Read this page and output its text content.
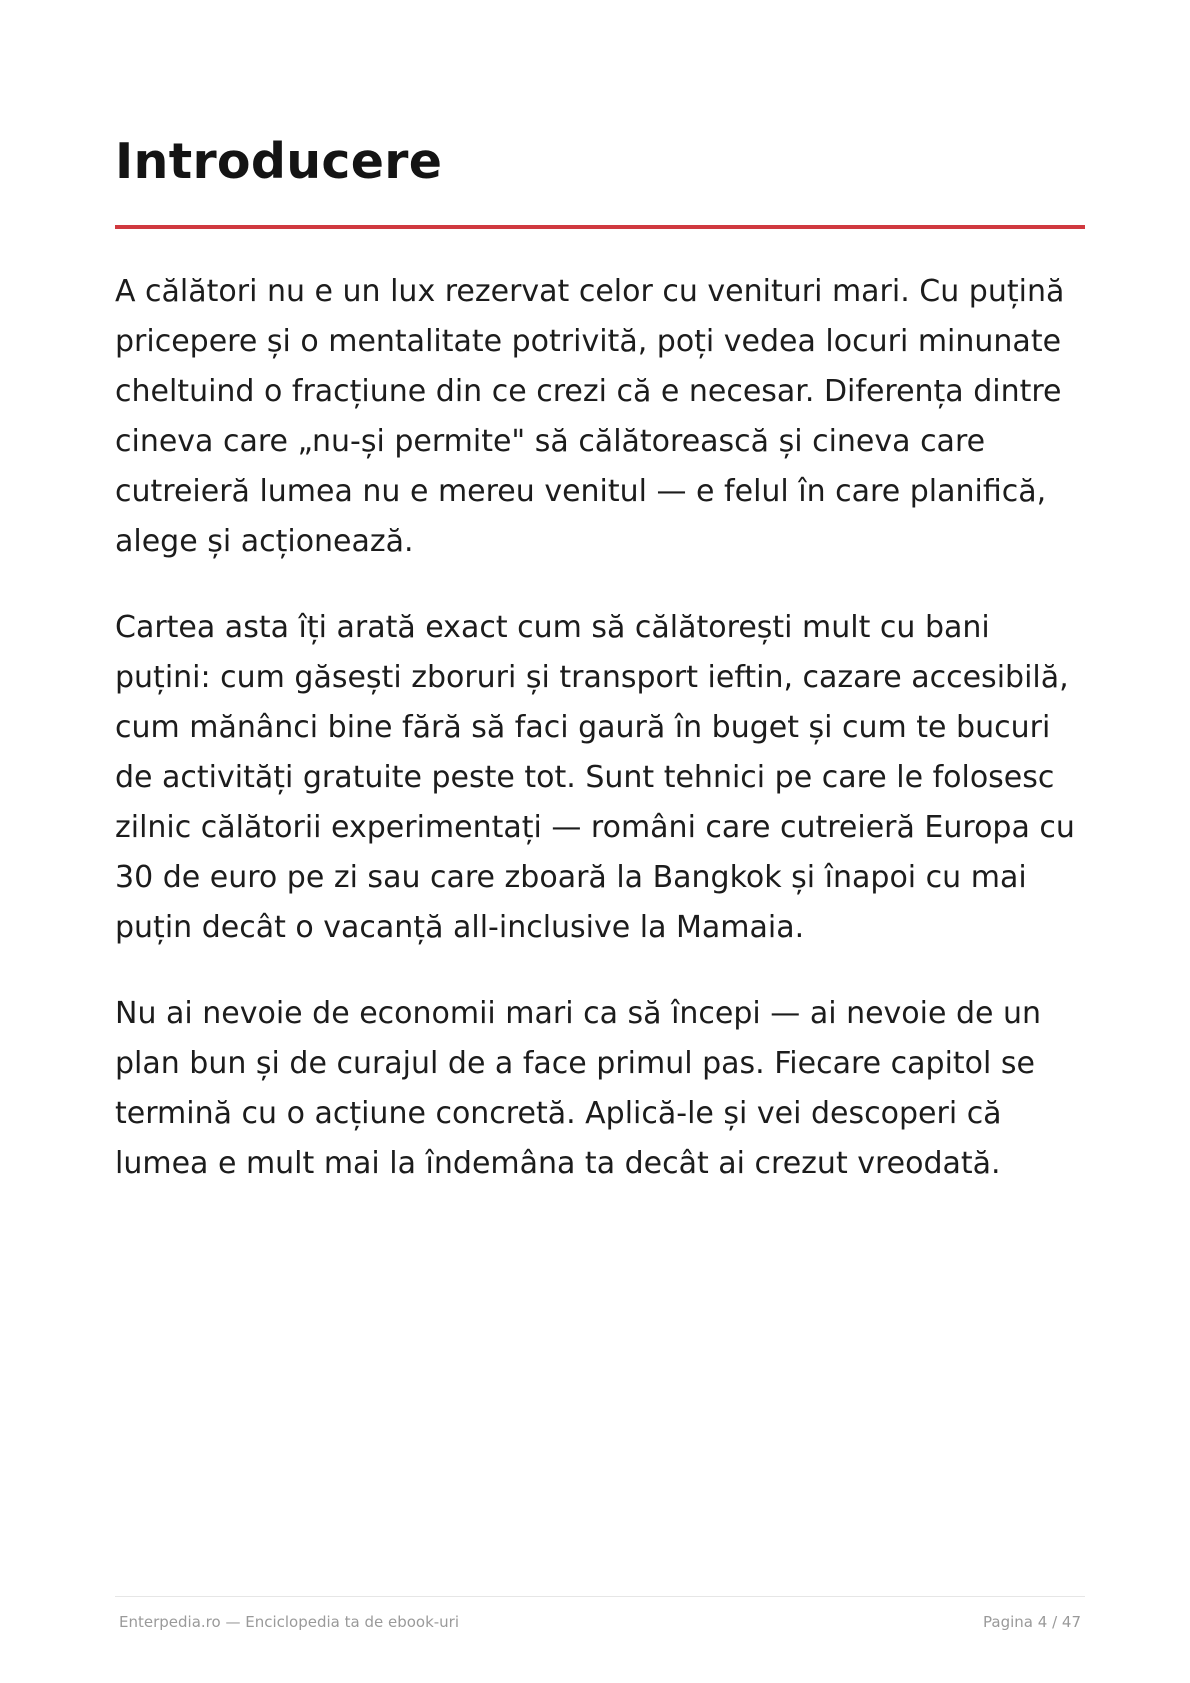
Introducere

A călători nu e un lux rezervat celor cu venituri mari. Cu puțină pricepere și o mentalitate potrivită, poți vedea locuri minunate cheltuind o fracțiune din ce crezi că e necesar. Diferența dintre cineva care „nu-și permite" să călătorească și cineva care cutreieră lumea nu e mereu venitul — e felul în care planifică, alege și acționează.

Cartea asta îți arată exact cum să călătorești mult cu bani puțini: cum găsești zboruri și transport ieftin, cazare accesibilă, cum mănânci bine fără să faci gaură în buget și cum te bucuri de activități gratuite peste tot. Sunt tehnici pe care le folosesc zilnic călătorii experimentați — români care cutreieră Europa cu 30 de euro pe zi sau care zboară la Bangkok și înapoi cu mai puțin decât o vacanță all-inclusive la Mamaia.

Nu ai nevoie de economii mari ca să începi — ai nevoie de un plan bun și de curajul de a face primul pas. Fiecare capitol se termină cu o acțiune concretă. Aplică-le și vei descoperi că lumea e mult mai la îndemâna ta decât ai crezut vreodată.

Enterpedia.ro — Enciclopedia ta de ebook-uri	Pagina 4 / 47
